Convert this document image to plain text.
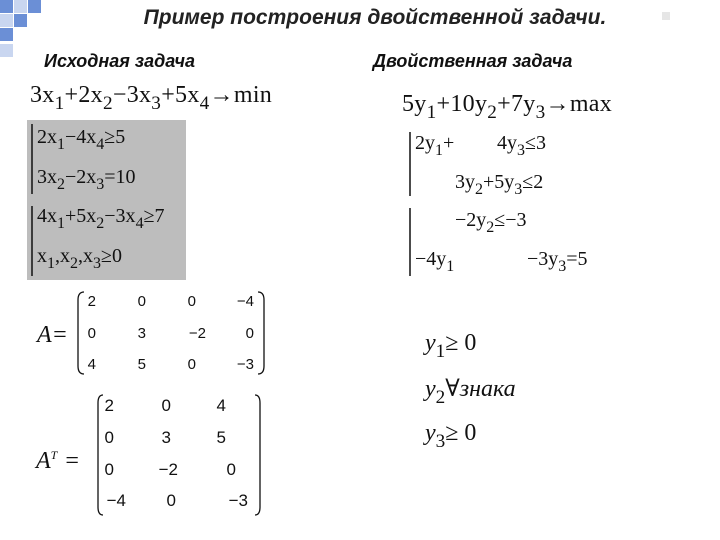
Пример построения двойственной задачи.
Исходная задача	Двойственная задача
$3x_1+2x_2-3x_3+5x_4\to\min$
$2x_1-4x_4\ge 5$
$3x_2-2x_3=10$
$4x_1+5x_2-3x_4\ge 7$
$x_1,x_2,x_3\ge 0$
$5y_1+10y_2+7y_3\to\max$
$2y_1+ 4y_3\le 3$
$3y_2+5y_3\le 2$
$-2y_2\le-3$
$-4y_1$	$-3y_3=5$
A=
2	0	0	−4
0	3	−2	0
4	5	0	−3
$A^T$ =
2	0	4
0	3	5
0	−2	0
−4	0	−3
$y_1\ge 0$
$y_2\forall знака$
$y_3\ge 0$
